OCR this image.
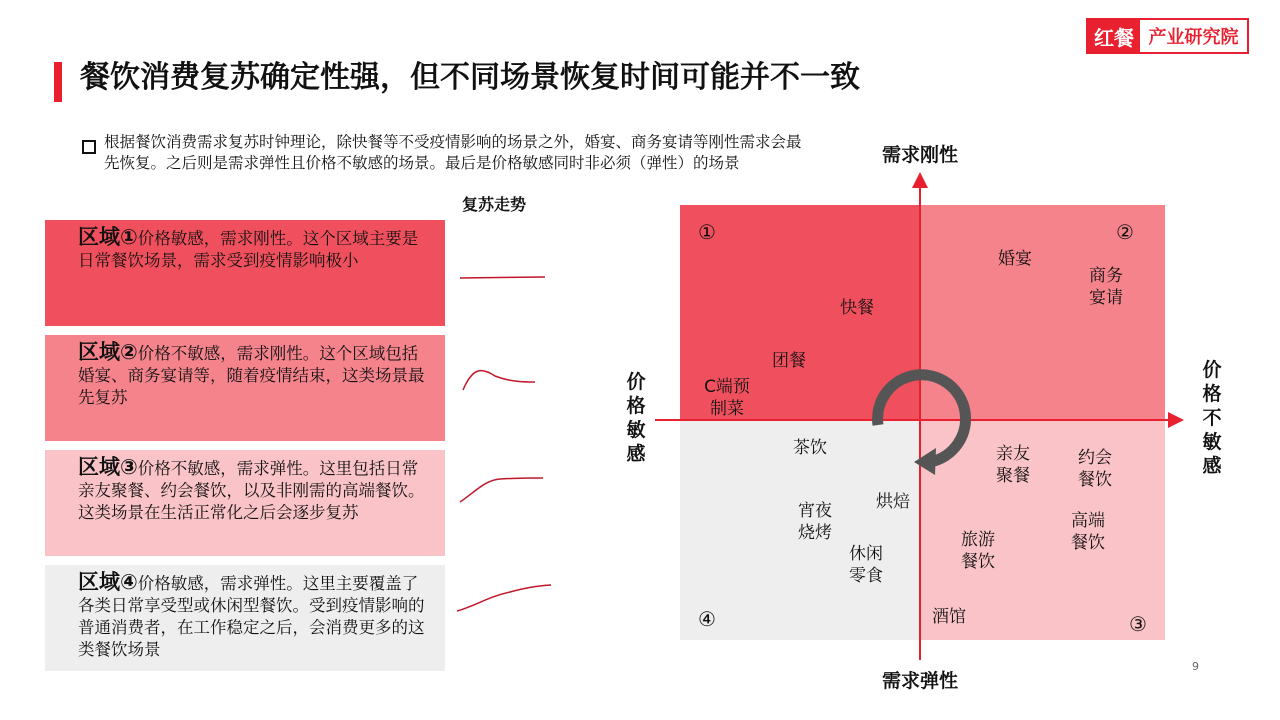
餐饮消费复苏确定性强，但不同场景恢复时间可能并不一致
红餐 产业研究院
根据餐饮消费需求复苏时钟理论，除快餐等不受疫情影响的场景之外，婚宴、商务宴请等刚性需求会最先恢复。之后则是需求弹性且价格不敏感的场景。最后是价格敏感同时非必须（弹性）的场景
复苏走势
区域①价格敏感，需求刚性。这个区域主要是日常餐饮场景，需求受到疫情影响极小
区域②价格不敏感，需求刚性。这个区域包括婚宴、商务宴请等，随着疫情结束，这类场景最先复苏
区域③价格不敏感，需求弹性。这里包括日常亲友聚餐、约会餐饮，以及非刚需的高端餐饮。这类场景在生活正常化之后会逐步复苏
区域④价格敏感，需求弹性。这里主要覆盖了各类日常享受型或休闲型餐饮。受到疫情影响的普通消费者，在工作稳定之后，会消费更多的这类餐饮场景
需求刚性
需求弹性
价格敏感
价格不敏感
①	②
③
④
婚宴
商务宴请
快餐
团餐
C端预制菜
茶饮	亲友聚餐
约会餐饮
烘焙
宵夜烧烤
高端餐饮
旅游餐饮
休闲零食
酒馆
9
